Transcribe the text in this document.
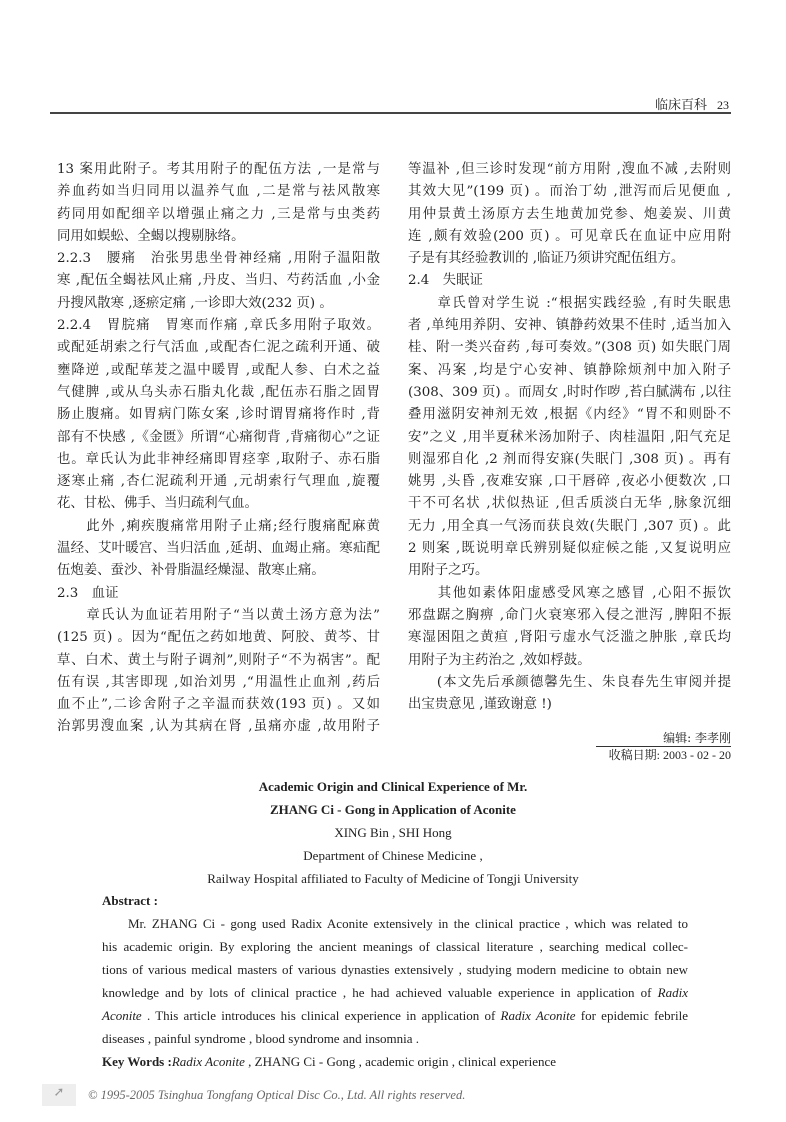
临床百科 23
13 案用此附子。考其用附子的配伍方法 ,一是常与
养血药如当归同用以温养气血 ,二是常与祛风散寒
药同用如配细辛以增强止痛之力 ,三是常与虫类药
同用如蜈蚣、全蝎以搜剔脉络。
2.2.3　腰痛　治张男患坐骨神经痛 ,用附子温阳散
寒 ,配伍全蝎祛风止痛 ,丹皮、当归、芍药活血 ,小金
丹搜风散寒 ,逐瘀定痛 ,一诊即大效(232 页) 。
2.2.4　胃脘痛　胃寒而作痛 ,章氏多用附子取效。
或配延胡索之行气活血 ,或配杏仁泥之疏利开通、破
壅降逆 ,或配荜茇之温中暖胃 ,或配人参、白术之益
气健脾 ,或从乌头赤石脂丸化裁 ,配伍赤石脂之固胃
肠止腹痛。如胃病门陈女案 ,诊时谓胃痛将作时 ,背
部有不快感 ,《金匮》所谓“心痛彻背 ,背痛彻心”之证
也。章氏认为此非神经痛即胃痉挛 ,取附子、赤石脂
逐寒止痛 ,杏仁泥疏利开通 ,元胡索行气理血 ,旋覆
花、甘松、佛手、当归疏利气血。
　　此外 ,痢疾腹痛常用附子止痛;经行腹痛配麻黄
温经、艾叶暖宫、当归活血 ,延胡、血竭止痛。寒疝配
伍炮姜、蚕沙、补骨脂温经燥湿、散寒止痛。
2.3　血证
　　章氏认为血证若用附子“当以黄土汤方意为法”
(125 页) 。因为“配伍之药如地黄、阿胶、黄芩、甘
草、白术、黄土与附子调剂”,则附子“不为祸害”。配
伍有误 ,其害即现 ,如治刘男 ,“用温性止血剂 ,药后
血不止”,二诊舍附子之辛温而获效(193 页) 。又如
治郭男溲血案 ,认为其病在肾 ,虽痛亦虚 ,故用附子
等温补 ,但三诊时发现“前方用附 ,溲血不减 ,去附则
其效大见”(199 页) 。而治丁幼 ,泄泻而后见便血 ,
用仲景黄土汤原方去生地黄加党参、炮姜炭、川黄
连 ,颇有效验(200 页) 。可见章氏在血证中应用附
子是有其经验教训的 ,临证乃须讲究配伍组方。
2.4　失眠证
　　章氏曾对学生说 :“根据实践经验 ,有时失眠患
者 ,单纯用养阴、安神、镇静药效果不佳时 ,适当加入
桂、附一类兴奋药 ,每可奏效。”(308 页) 如失眠门周
案、冯案 ,均是宁心安神、镇静除烦剂中加入附子
(308、309 页) 。而周女 ,时时作哕 ,苔白腻满布 ,以往
叠用滋阴安神剂无效 ,根据《内经》“胃不和则卧不
安”之义 ,用半夏秫米汤加附子、肉桂温阳 ,阳气充足
则湿邪自化 ,2 剂而得安寐(失眠门 ,308 页) 。再有
姚男 ,头昏 ,夜难安寐 ,口干唇碎 ,夜必小便数次 ,口
干不可名状 ,状似热证 ,但舌质淡白无华 ,脉象沉细
无力 ,用全真一气汤而获良效(失眠门 ,307 页) 。此
2 则案 ,既说明章氏辨别疑似症候之能 ,又复说明应
用附子之巧。
　　其他如素体阳虚感受风寒之感冒 ,心阳不振饮
邪盘踞之胸痹 ,命门火衰寒邪入侵之泄泻 ,脾阳不振
寒湿困阻之黄疸 ,肾阳亏虚水气泛滥之肿胀 ,章氏均
用附子为主药治之 ,效如桴鼓。
　　(本文先后承颜德馨先生、朱良春先生审阅并提
出宝贵意见 ,谨致谢意 !)
编辑: 李孝刚
收稿日期: 2003 - 02 - 20
Academic Origin and Clinical Experience of Mr.
ZHANG Ci - Gong in Application of Aconite
XING Bin , SHI Hong
Department of Chinese Medicine ,
Railway Hospital affiliated to Faculty of Medicine of Tongji University
Abstract :
Mr. ZHANG Ci - gong used Radix Aconite extensively in the clinical practice , which was related to
his academic origin. By exploring the ancient meanings of classical literature , searching medical collec-
tions of various medical masters of various dynasties extensively , studying modern medicine to obtain new
knowledge and by lots of clinical practice , he had achieved valuable experience in application of Radix
Aconite . This article introduces his clinical experience in application of Radix Aconite for epidemic febrile
diseases , painful syndrome , blood syndrome and insomnia .
Key Words :Radix Aconite , ZHANG Ci - Gong , academic origin , clinical experience
➚	© 1995-2005 Tsinghua Tongfang Optical Disc Co., Ltd. All rights reserved.
